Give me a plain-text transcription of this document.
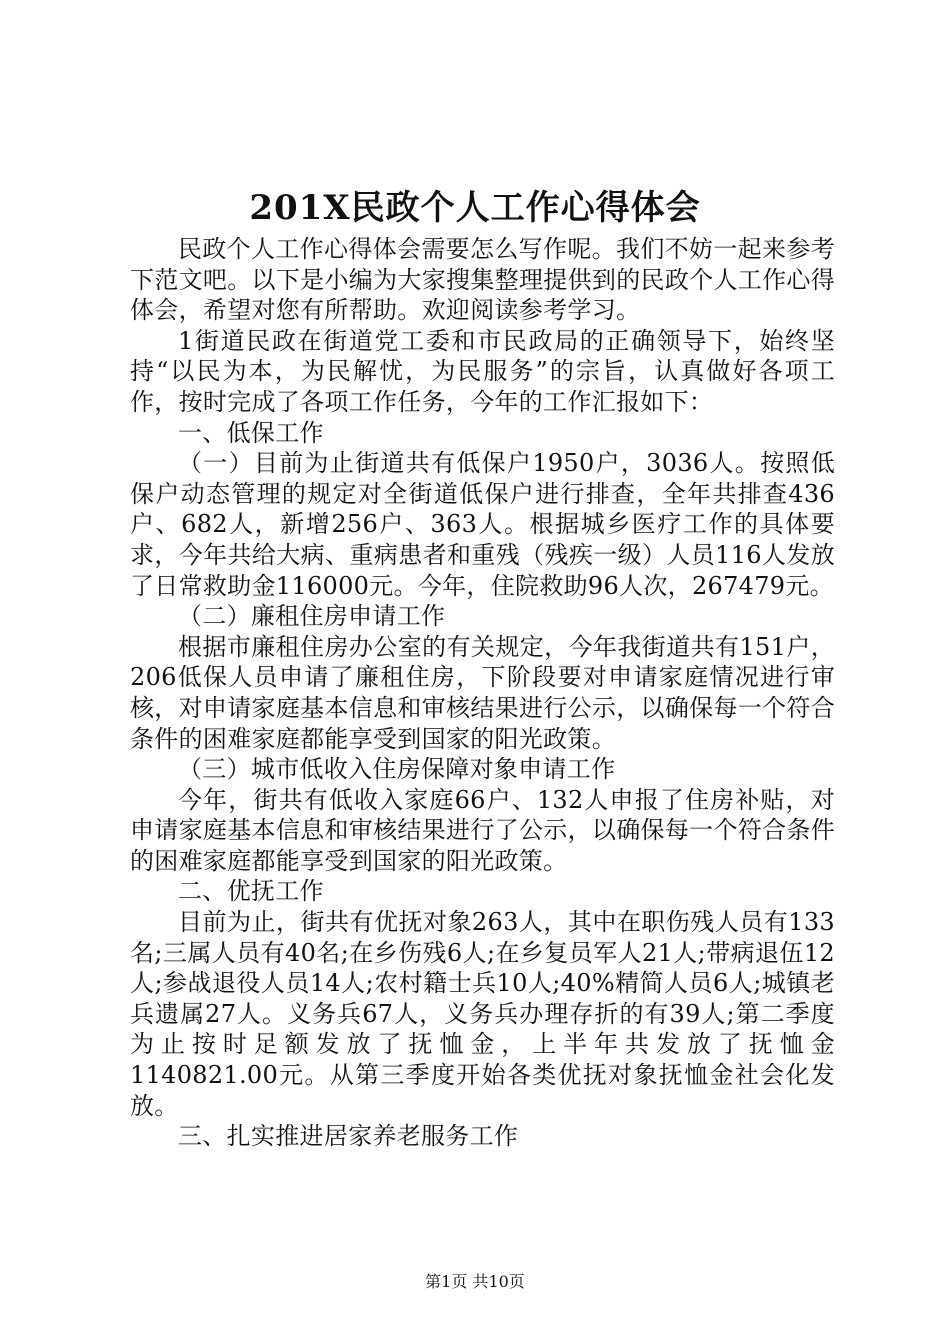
201X民政个人工作心得体会

民政个人工作心得体会需要怎么写作呢。我们不妨一起来参考下范文吧。以下是小编为大家搜集整理提供到的民政个人工作心得体会，希望对您有所帮助。欢迎阅读参考学习。

1街道民政在街道党工委和市民政局的正确领导下，始终坚持“以民为本，为民解忧，为民服务”的宗旨，认真做好各项工作，按时完成了各项工作任务，今年的工作汇报如下：

一、低保工作

（一）目前为止街道共有低保户1950户，3036人。按照低保户动态管理的规定对全街道低保户进行排查，全年共排查436户、682人，新增256户、363人。根据城乡医疗工作的具体要求，今年共给大病、重病患者和重残（残疾一级）人员116人发放了日常救助金116000元。今年，住院救助96人次，267479元。

（二）廉租住房申请工作

根据市廉租住房办公室的有关规定，今年我街道共有151户，206低保人员申请了廉租住房，下阶段要对申请家庭情况进行审核，对申请家庭基本信息和审核结果进行公示，以确保每一个符合条件的困难家庭都能享受到国家的阳光政策。

（三）城市低收入住房保障对象申请工作

今年，街共有低收入家庭66户、132人申报了住房补贴，对申请家庭基本信息和审核结果进行了公示，以确保每一个符合条件的困难家庭都能享受到国家的阳光政策。

二、优抚工作

目前为止，街共有优抚对象263人，其中在职伤残人员有133名;三属人员有40名;在乡伤残6人;在乡复员军人21人;带病退伍12人;参战退役人员14人;农村籍士兵10人;40%精简人员6人;城镇老兵遗属27人。义务兵67人，义务兵办理存折的有39人;第二季度为止按时足额发放了抚恤金，上半年共发放了抚恤金1140821.00元。从第三季度开始各类优抚对象抚恤金社会化发放。

三、扎实推进居家养老服务工作

第1页 共10页
